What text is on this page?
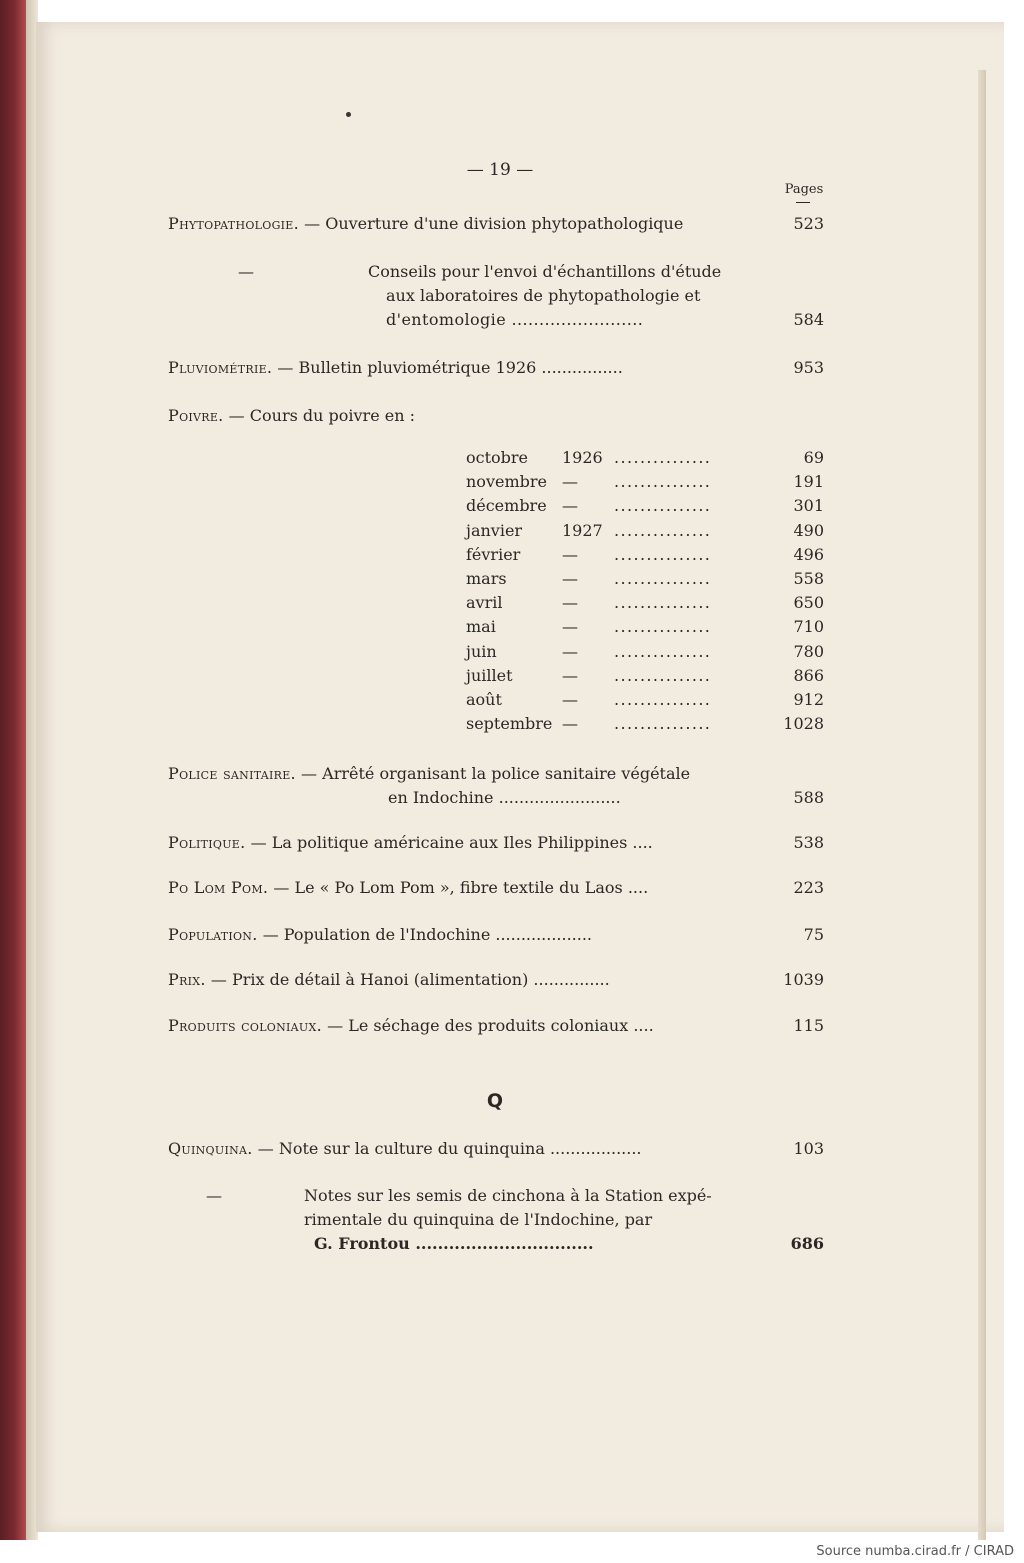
— 19 —
Pages
Phytopathologie. — Ouverture d'une division phytopathologique	523
—	Conseils pour l'envoi d'échantillons d'étude
aux laboratoires de phytopathologie et
d'entomologie ........................	584
Pluviométrie. — Bulletin pluviométrique 1926 ................	953
Poivre. — Cours du poivre en :
octobre 1926 ...............	69
novembre — ...............	191
décembre — ...............	301
janvier 1927 ...............	490
février	— ...............	496
mars	— ...............	558
avril	— ...............	650
mai	— ...............	710
juin	— ...............	780
juillet	— ...............	866
août	— ...............	912
septembre — ...............	1028
Police sanitaire. — Arrêté organisant la police sanitaire végétale
en Indochine ........................	588
Politique. — La politique américaine aux Iles Philippines ....	538
Po Lom Pom. — Le « Po Lom Pom », fibre textile du Laos ....	223
Population. — Population de l'Indochine ...................	75
Prix. — Prix de détail à Hanoi (alimentation) ...............	1039
Produits coloniaux. — Le séchage des produits coloniaux ....	115
Q
Quinquina. — Note sur la culture du quinquina ..................	103
—	Notes sur les semis de cinchona à la Station expé-
rimentale du quinquina de l'Indochine, par
G. Frontou ................................	686
Source numba.cirad.fr / CIRAD
